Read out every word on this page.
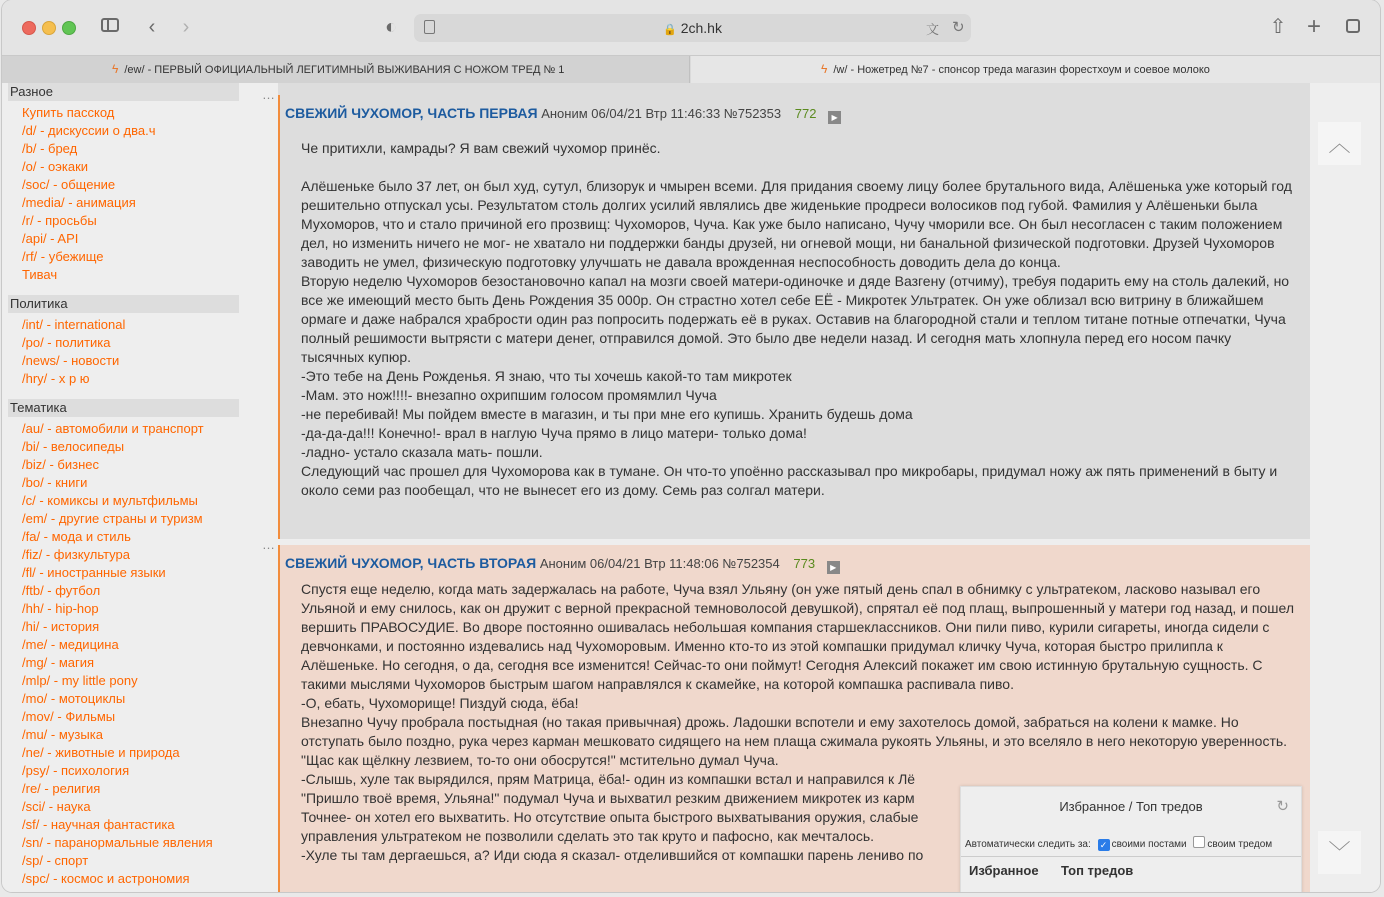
‹	›	◐	🔒 2ch.hk	文 ↻	⇧ +
ϟ /ew/ - ПЕРВЫЙ ОФИЦИАЛЬНЫЙ ЛЕГИТИМНЫЙ ВЫЖИВАНИЯ С НОЖОМ ТРЕД № 1	ϟ /w/ - Ножетред №7 - спонсор треда магазин форестхоум и соевое молоко
Разное
Купить пасскод
/d/ - дискуссии о два.ч
/b/ - бред
/o/ - оэкаки
/soc/ - общение
/media/ - анимация
/r/ - просьбы
/api/ - API
/rf/ - убежище
Тивач
Политика
/int/ - international
/po/ - политика
/news/ - новости
/hry/ - х р ю
Тематика
/au/ - автомобили и транспорт
/bi/ - велосипеды
/biz/ - бизнес
/bo/ - книги
/c/ - комиксы и мультфильмы
/em/ - другие страны и туризм
/fa/ - мода и стиль
/fiz/ - физкультура
/fl/ - иностранные языки
/ftb/ - футбол
/hh/ - hip-hop
/hi/ - история
/me/ - медицина
/mg/ - магия
/mlp/ - my little pony
/mo/ - мотоциклы
/mov/ - Фильмы
/mu/ - музыка
/ne/ - животные и природа
/psy/ - психология
/re/ - религия
/sci/ - наука
/sf/ - научная фантастика
/sn/ - паранормальные явления
/sp/ - спорт
/spc/ - космос и астрономия
…
СВЕЖИЙ ЧУХОМОР, ЧАСТЬ ПЕРВАЯ Аноним 06/04/21 Втр 11:46:33 №752353 772 ▶

Че притихли, камрады? Я вам свежий чухомор принёс.

Алёшеньке было 37 лет, он был худ, сутул, близорук и чмырен всеми. Для придания своему лицу более брутального вида, Алёшенька уже который год решительно отпускал усы. Результатом столь долгих усилий являлись две жиденькие продреси волосиков под губой. Фамилия у Алёшеньки была Мухоморов, что и стало причиной его прозвищ: Чухоморов, Чуча. Как уже было написано, Чучу чморили все. Он был несогласен с таким положением дел, но изменить ничего не мог- не хватало ни поддержки банды друзей, ни огневой мощи, ни банальной физической подготовки. Друзей Чухоморов заводить не умел, физическую подготовку улучшать не давала врожденная неспособность доводить дела до конца.

Вторую неделю Чухоморов безостановочно капал на мозги своей матери-одиночке и дяде Вазгену (отчиму), требуя подарить ему на столь далекий, но все же имеющий место быть День Рождения 35 000р. Он страстно хотел себе ЕЁ - Микротек Ультратек. Он уже облизал всю витрину в ближайшем ормаге и даже набрался храбрости один раз попросить подержать её в руках. Оставив на благородной стали и теплом титане потные отпечатки, Чуча полный решимости вытрясти с матери денег, отправился домой. Это было две недели назад. И сегодня мать хлопнула перед его носом пачку тысячных купюр.

-Это тебе на День Рожденья. Я знаю, что ты хочешь какой-то там микротек

-Мам. это нож!!!!- внезапно охрипшим голосом промямлил Чуча

-не перебивай! Мы пойдем вместе в магазин, и ты при мне его купишь. Хранить будешь дома

-да-да-да!!! Конечно!- врал в наглую Чуча прямо в лицо матери- только дома!

-ладно- устало сказала мать- пошли.

Следующий час прошел для Чухоморова как в тумане. Он что-то упоённо рассказывал про микробары, придумал ножу аж пять применений в быту и около семи раз пообещал, что не вынесет его из дому. Семь раз солгал матери.

…
СВЕЖИЙ ЧУХОМОР, ЧАСТЬ ВТОРАЯ Аноним 06/04/21 Втр 11:48:06 №752354 773 ▶

Спустя еще неделю, когда мать задержалась на работе, Чуча взял Ульяну (он уже пятый день спал в обнимку с ультратеком, ласково называл его Ульяной и ему снилось, как он дружит с верной прекрасной темноволосой девушкой), спрятал её под плащ, выпрошенный у матери год назад, и пошел вершить ПРАВОСУДИЕ. Во дворе постоянно ошивалась небольшая компания старшеклассников. Они пили пиво, курили сигареты, иногда сидели с девчонками, и постоянно издевались над Чухоморовым. Именно кто-то из этой компашки придумал кличку Чуча, которая быстро прилипла к Алёшеньке. Но сегодня, о да, сегодня все изменится! Сейчас-то они поймут! Сегодня Алексий покажет им свою истинную брутальную сущность. С такими мыслями Чухоморов быстрым шагом направлялся к скамейке, на которой компашка распивала пиво.

-О, ебать, Чухоморище! Пиздуй сюда, ёба!

Внезапно Чучу пробрала постыдная (но такая привычная) дрожь. Ладошки вспотели и ему захотелось домой, забраться на колени к мамке. Но отступать было поздно, рука через карман мешковато сидящего на нем плаща сжимала рукоять Ульяны, и это вселяло в него некоторую уверенность. "Щас как щёлкну лезвием, то-то они обосрутся!" мстительно думал Чуча.

-Слышь, хуле так вырядился, прям Матрица, ёба!- один из компашки встал и направился к Лё

"Пришло твоё время, Ульяна!" подумал Чуча и выхватил резким движением микротек из карм

Точнее- он хотел его выхватить. Но отсутствие опыта быстрого выхватывания оружия, слабые

управления ультратеком не позволили сделать это так круто и пафосно, как мечталось.

-Хуле ты там дергаешься, а? Иди сюда я сказал- отделившийся от компашки парень лениво по

︿
﹀
Избранное / Топ тредов	↻
Автоматически следить за: ✓ своими постами своим тредом
Избранное Топ тредов
